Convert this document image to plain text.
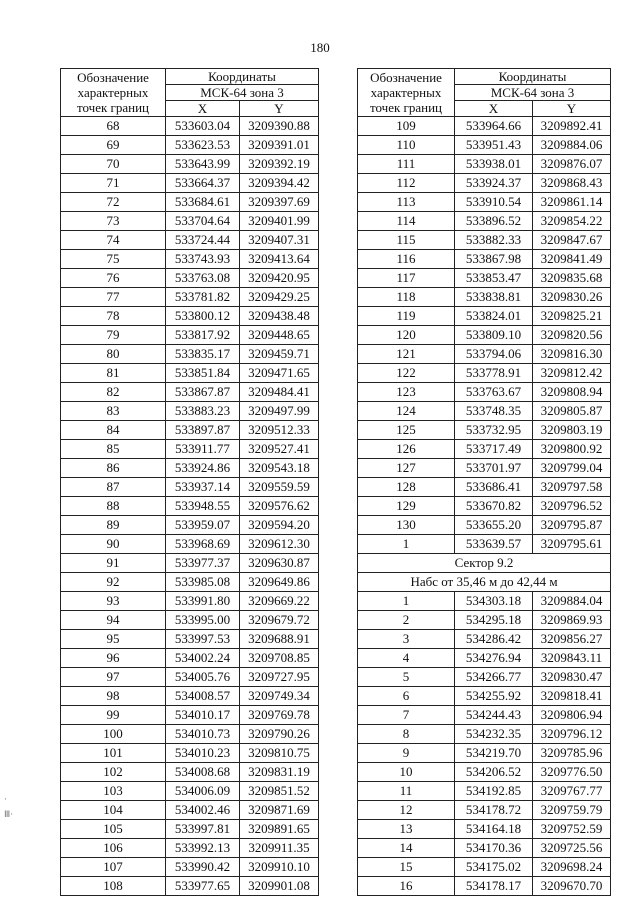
180
Обозначение
характерных
точек границ	Координаты	
	МСК-64 зона 3	
	X	Y
68	533603.04	3209390.88
69	533623.53	3209391.01
70	533643.99	3209392.19
71	533664.37	3209394.42
72	533684.61	3209397.69
73	533704.64	3209401.99
74	533724.44	3209407.31
75	533743.93	3209413.64
76	533763.08	3209420.95
77	533781.82	3209429.25
78	533800.12	3209438.48
79	533817.92	3209448.65
80	533835.17	3209459.71
81	533851.84	3209471.65
82	533867.87	3209484.41
83	533883.23	3209497.99
84	533897.87	3209512.33
85	533911.77	3209527.41
86	533924.86	3209543.18
87	533937.14	3209559.59
88	533948.55	3209576.62
89	533959.07	3209594.20
90	533968.69	3209612.30
91	533977.37	3209630.87
92	533985.08	3209649.86
93	533991.80	3209669.22
94	533995.00	3209679.72
95	533997.53	3209688.91
96	534002.24	3209708.85
97	534005.76	3209727.95
98	534008.57	3209749.34
99	534010.17	3209769.78
100	534010.73	3209790.26
101	534010.23	3209810.75
102	534008.68	3209831.19
103	534006.09	3209851.52
104	534002.46	3209871.69
105	533997.81	3209891.65
106	533992.13	3209911.35
107	533990.42	3209910.10
108	533977.65	3209901.08
Обозначение
характерных
точек границ	Координаты	
	МСК-64 зона 3	
	X	Y
109	533964.66	3209892.41
110	533951.43	3209884.06
111	533938.01	3209876.07
112	533924.37	3209868.43
113	533910.54	3209861.14
114	533896.52	3209854.22
115	533882.33	3209847.67
116	533867.98	3209841.49
117	533853.47	3209835.68
118	533838.81	3209830.26
119	533824.01	3209825.21
120	533809.10	3209820.56
121	533794.06	3209816.30
122	533778.91	3209812.42
123	533763.67	3209808.94
124	533748.35	3209805.87
125	533732.95	3209803.19
126	533717.49	3209800.92
127	533701.97	3209799.04
128	533686.41	3209797.58
129	533670.82	3209796.52
130	533655.20	3209795.87
1	533639.57	3209795.61
Сектор 9.2		
Набс от 35,46 м до 42,44 м		
1	534303.18	3209884.04
2	534295.18	3209869.93
3	534286.42	3209856.27
4	534276.94	3209843.11
5	534266.77	3209830.47
6	534255.92	3209818.41
7	534244.43	3209806.94
8	534232.35	3209796.12
9	534219.70	3209785.96
10	534206.52	3209776.50
11	534192.85	3209767.77
12	534178.72	3209759.79
13	534164.18	3209752.59
14	534170.36	3209725.56
15	534175.02	3209698.24
16	534178.17	3209670.70
·
Ⅲ·
